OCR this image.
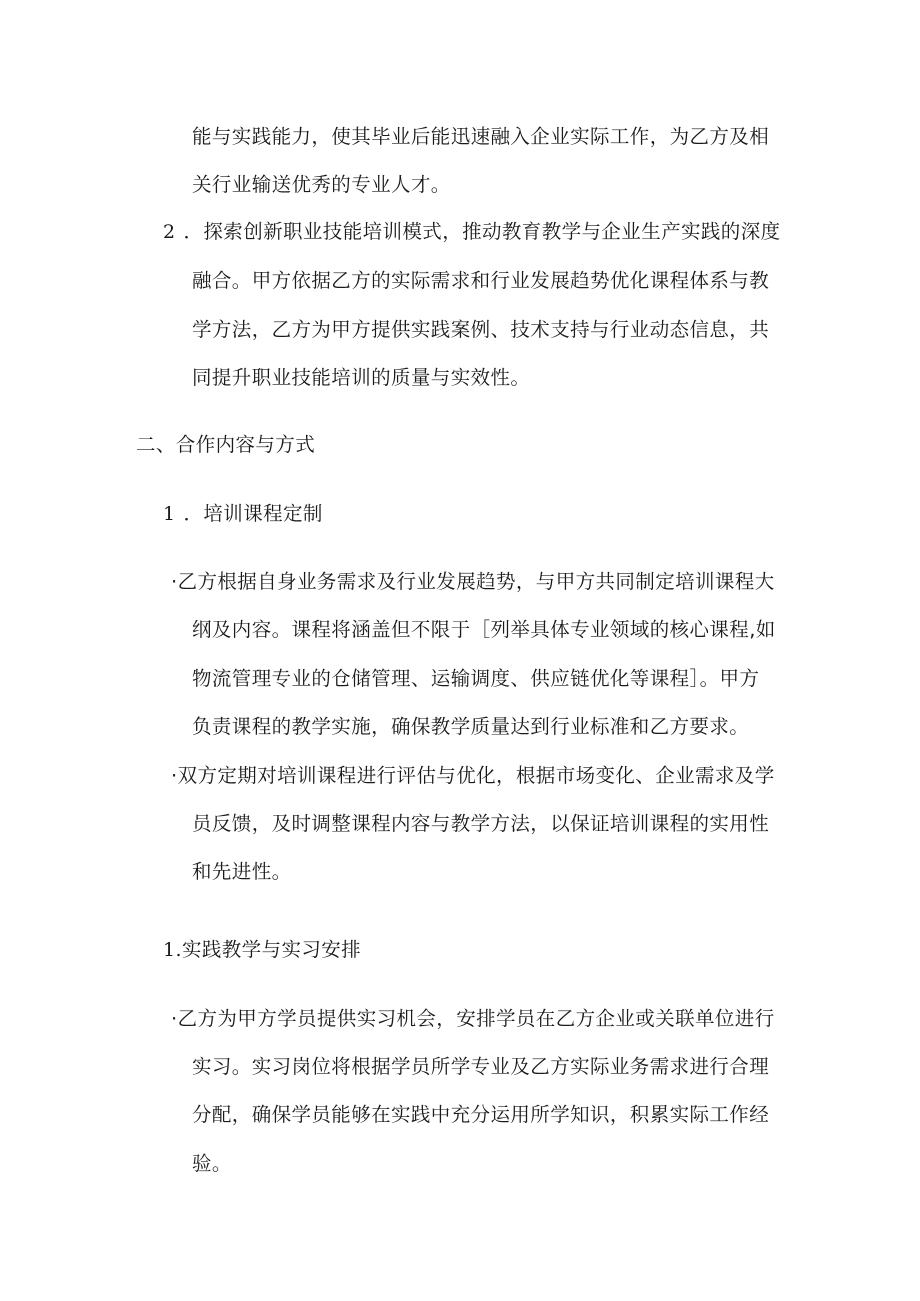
能与实践能力，使其毕业后能迅速融入企业实际工作，为乙方及相
关行业输送优秀的专业人才。
2 ．探索创新职业技能培训模式，推动教育教学与企业生产实践的深度
融合。甲方依据乙方的实际需求和行业发展趋势优化课程体系与教
学方法，乙方为甲方提供实践案例、技术支持与行业动态信息，共
同提升职业技能培训的质量与实效性。
二、合作内容与方式
1 ．培训课程定制
·乙方根据自身业务需求及行业发展趋势，与甲方共同制定培训课程大
纲及内容。课程将涵盖但不限于［列举具体专业领域的核心课程,如
物流管理专业的仓储管理、运输调度、供应链优化等课程］。甲方
负责课程的教学实施，确保教学质量达到行业标准和乙方要求。
·双方定期对培训课程进行评估与优化，根据市场变化、企业需求及学
员反馈，及时调整课程内容与教学方法，以保证培训课程的实用性
和先进性。
1.实践教学与实习安排
·乙方为甲方学员提供实习机会，安排学员在乙方企业或关联单位进行
实习。实习岗位将根据学员所学专业及乙方实际业务需求进行合理
分配，确保学员能够在实践中充分运用所学知识，积累实际工作经
验。
